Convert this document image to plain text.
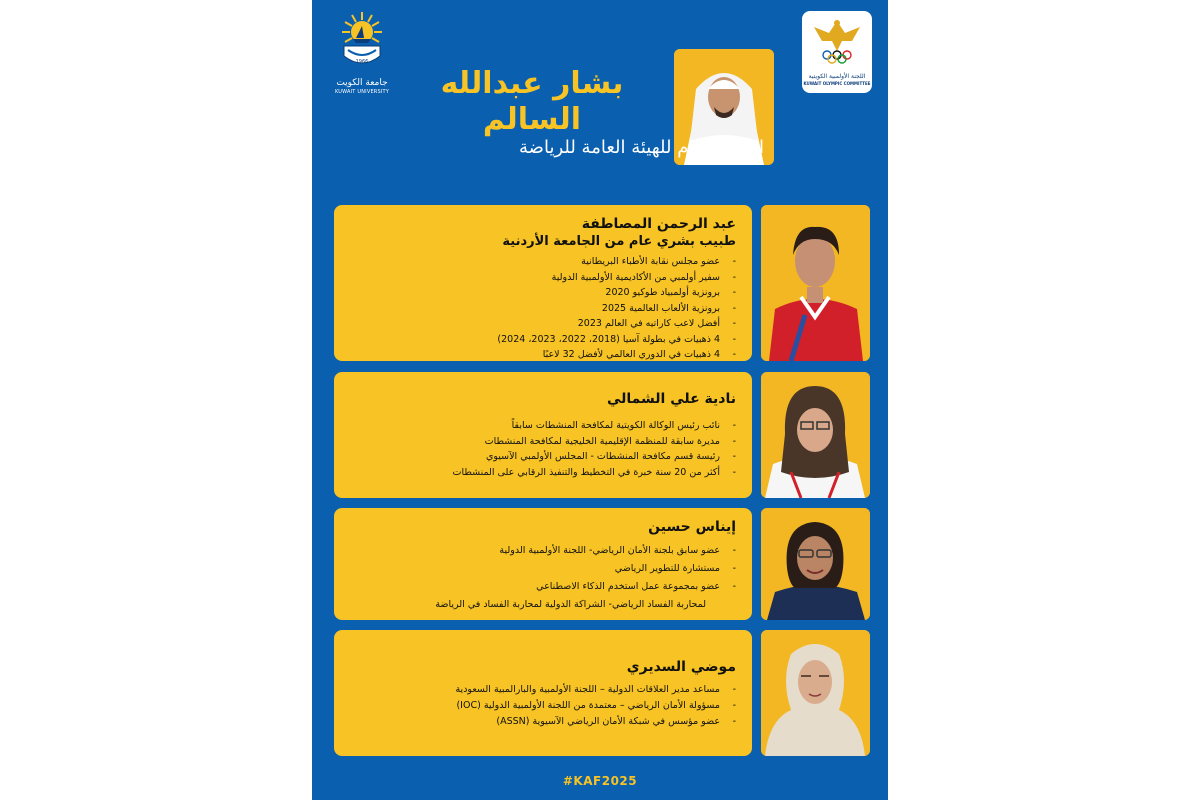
1966
جامعة الكويت
KUWAIT UNIVERSITY
اللجنة الأولمبية الكويتية
KUWAIT OLYMPIC COMMITTEE
بشار عبدالله
السالم
المدير العام للهيئة العامة للرياضة
عبد الرحمن المصاطفة
طبيب بشري عام من الجامعة الأردنية
- عضو مجلس نقابة الأطباء البريطانية
- سفير أولمبي من الأكاديمية الأولمبية الدولية
- برونزية أولمبياد طوكيو 2020
- برونزية الألعاب العالمية 2025
- أفضل لاعب كاراتيه في العالم 2023
- 4 ذهبيات في بطولة آسيا (2018، 2022، 2023، 2024)
- 4 ذهبيات في الدوري العالمي لأفضل 32 لاعبًا
نادية علي الشمالي
- نائب رئيس الوكالة الكويتية لمكافحة المنشطات سابقاً
- مديرة سابقة للمنظمة الإقليمية الخليجية لمكافحة المنشطات
- رئيسة قسم مكافحة المنشطات - المجلس الأولمبي الآسيوي
- أكثر من 20 سنة خبرة في التخطيط والتنفيذ الرقابي على المنشطات
إيناس حسين
- عضو سابق بلجنة الأمان الرياضي- اللجنة الأولمبية الدولية
- مستشارة للتطوير الرياضي
- عضو بمجموعة عمل استخدم الذكاء الاصطناعي
لمحاربة الفساد الرياضي- الشراكة الدولية لمحاربة الفساد في الرياضة
موضي السديري
- مساعد مدير العلاقات الدولية – اللجنة الأولمبية والبارالمبية السعودية
- مسؤولة الأمان الرياضي – معتمدة من اللجنة الأولمبية الدولية (IOC)
- عضو مؤسس في شبكة الأمان الرياضي الآسيوية (ASSN)
#KAF2025
